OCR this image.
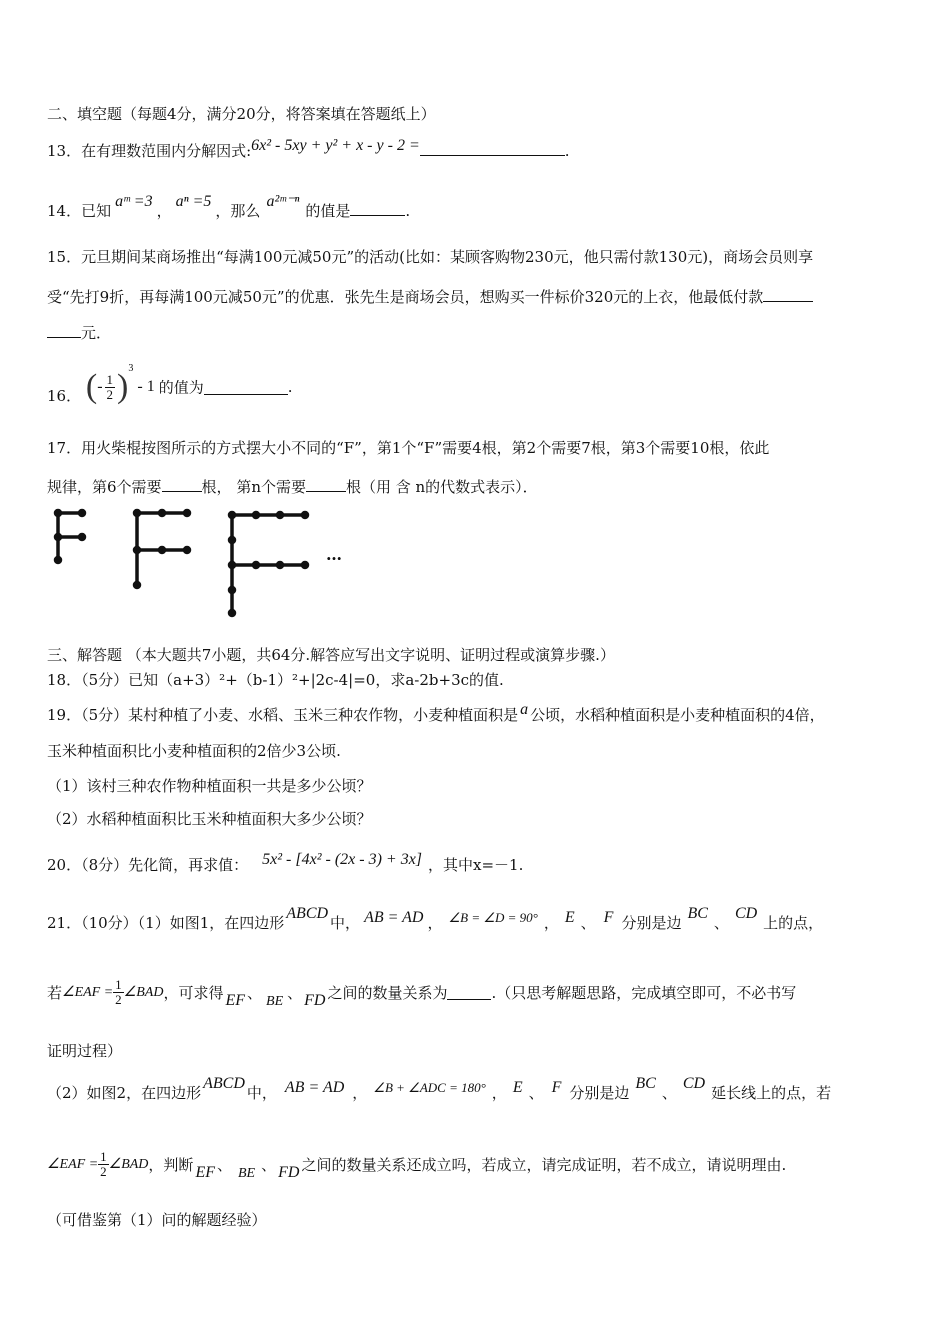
二、填空题（每题4分，满分20分，将答案填在答题纸上）
13．在有理数范围内分解因式:6x² - 5xy + y² + x - y - 2 =	.
14．已知aᵐ =3，aⁿ =5，那么a²ᵐ⁻ⁿ的值是	.
15．元旦期间某商场推出“每满100元减50元”的活动(比如：某顾客购物230元，他只需付款130元)，商场会员则享
受“先打9折，再每满100元减50元”的优惠．张先生是商场会员，想购买一件标价320元的上衣，他最低付款
元．
16． (- $\frac{1}{2} )^3-$ 1 的值为	.
17．用火柴棍按图所示的方式摆大小不同的“F”，第1个“F”需要4根，第2个需要7根，第3个需要10根，依此
规律，第6个需要	根， 第n个需要	根（用 含 n的代数式表示）．
…
三、解答题 （本大题共7小题，共64分.解答应写出文字说明、证明过程或演算步骤.）
18．（5分）已知（a+3）²+（b-1）²+|2c-4|=0，求a-2b+3c的值.
19．（5分）某村种植了小麦、水稻、玉米三种农作物，小麦种植面积是 a 公顷，水稻种植面积是小麦种植面积的4倍，
玉米种植面积比小麦种植面积的2倍少3公顷.
（1）该村三种农作物种植面积一共是多少公顷？
（2）水稻种植面积比玉米种植面积大多少公顷？
20．（8分）先化简，再求值： 5x² - [4x² - (2x - 3) + 3x] ，其中x=－1.
21．（10分）（1）如图1，在四边形ABCD中， AB = AD ， ∠B = ∠D = 90° ， E 、 F 分别是边BC、CD上的点，
若∠EAF = $\frac{1}{2}$ ∠BAD，可求得 EF 、 BE 、 FD 之间的数量关系为	.（只思考解题思路，完成填空即可，不必书写
证明过程）
（2）如图2，在四边形ABCD中， AB = AD ， ∠B + ∠ADC = 180° ， E 、 F 分别是边BC、CD延长线上的点，若
∠EAF = $\frac{1}{2}$ ∠BAD，判断 EF 、 BE 、 FD 之间的数量关系还成立吗，若成立，请完成证明，若不成立，请说明理由.
（可借鉴第（1）问的解题经验）
